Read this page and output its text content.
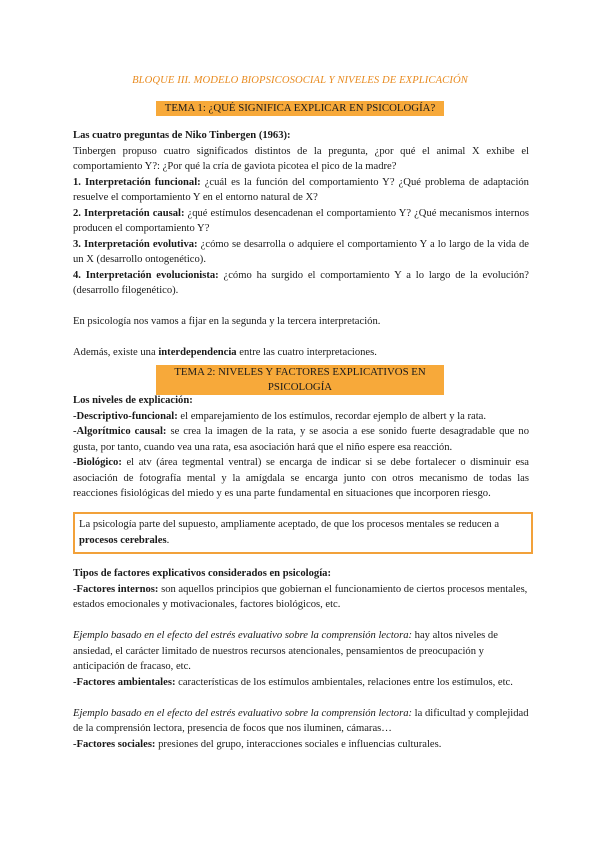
BLOQUE III. MODELO BIOPSICOSOCIAL Y NIVELES DE EXPLICACIÓN
TEMA 1: ¿QUÉ SIGNIFICA EXPLICAR EN PSICOLOGÍA?

Las cuatro preguntas de Niko Tinbergen (1963):

Tinbergen propuso cuatro significados distintos de la pregunta, ¿por qué el animal X exhibe el comportamiento Y?: ¿Por qué la cría de gaviota picotea el pico de la madre?

1. Interpretación funcional: ¿cuál es la función del comportamiento Y? ¿Qué problema de adaptación resuelve el comportamiento Y en el entorno natural de X?

2. Interpretación causal: ¿qué estímulos desencadenan el comportamiento Y? ¿Qué mecanismos internos producen el comportamiento Y?

3. Interpretación evolutiva: ¿cómo se desarrolla o adquiere el comportamiento Y a lo largo de la vida de un X (desarrollo ontogenético).

4. Interpretación evolucionista: ¿cómo ha surgido el comportamiento Y a lo largo de la evolución? (desarrollo filogenético).

En psicología nos vamos a fijar en la segunda y la tercera interpretación.

Además, existe una interdependencia entre las cuatro interpretaciones.

TEMA 2: NIVELES Y FACTORES EXPLICATIVOS EN PSICOLOGÍA

Los niveles de explicación:

-Descriptivo-funcional: el emparejamiento de los estímulos, recordar ejemplo de albert y la rata.

-Algorítmico causal: se crea la imagen de la rata, y se asocia a ese sonido fuerte desagradable que no gusta, por tanto, cuando vea una rata, esa asociación hará que el niño espere esa reacción.

-Biológico: el atv (área tegmental ventral) se encarga de indicar si se debe fortalecer o disminuir esa asociación de fotografía mental y la amígdala se encarga junto con otros mecanismo de todas las reacciones fisiológicas del miedo y es una parte fundamental en situaciones que incorporen riesgo.

La psicología parte del supuesto, ampliamente aceptado, de que los procesos mentales se reducen a procesos cerebrales.

Tipos de factores explicativos considerados en psicología:

-Factores internos: son aquellos principios que gobiernan el funcionamiento de ciertos procesos mentales, estados emocionales y motivacionales, factores biológicos, etc.

Ejemplo basado en el efecto del estrés evaluativo sobre la comprensión lectora: hay altos niveles de ansiedad, el carácter limitado de nuestros recursos atencionales, pensamientos de preocupación y anticipación de fracaso, etc.

-Factores ambientales: características de los estímulos ambientales, relaciones entre los estímulos, etc.

Ejemplo basado en el efecto del estrés evaluativo sobre la comprensión lectora: la dificultad y complejidad de la comprensión lectora, presencia de focos que nos iluminen, cámaras…

-Factores sociales: presiones del grupo, interacciones sociales e influencias culturales.
